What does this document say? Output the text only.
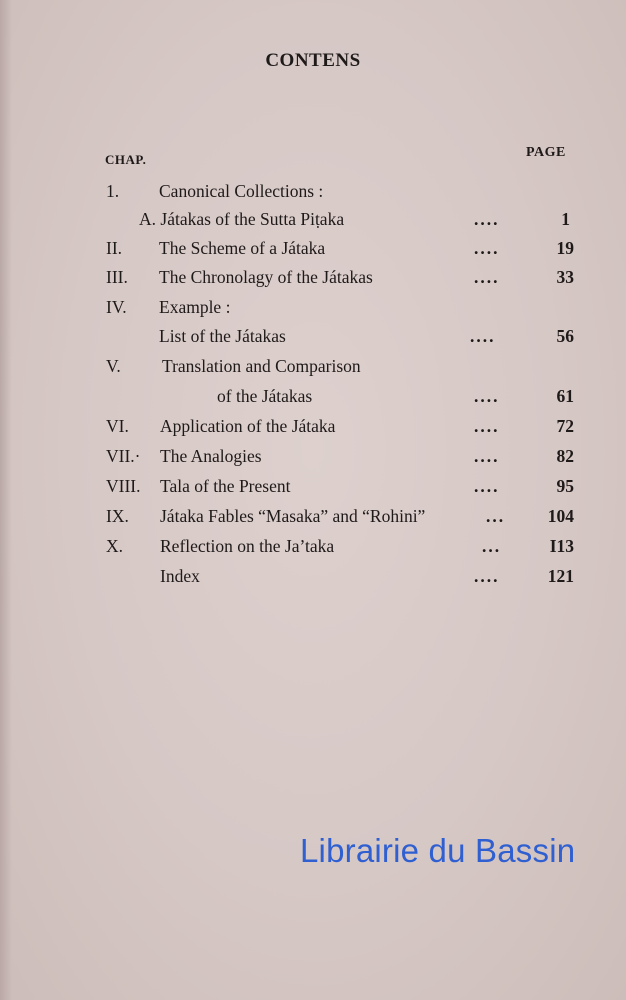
CONTENS
CHAP.	PAGE
1. Canonical Collections :
A. Játakas of the Sutta Piṭaka	....	1
II. The Scheme of a Játaka	....	19
III. The Chronolagy of the Játakas	....	33
IV. Example :
List of the Játakas	....	56
V. Translation and Comparison
of the Játakas	....	61
VI. Application of the Játaka	....	72
VII.· The Analogies	....	82
VIII. Tala of the Present	....	95
IX. Játaka Fables “Masaka” and “Rohini”	... 104
X. Reflection on the Ja’taka	...	I13
Index	....	121
Librairie du Bassin
